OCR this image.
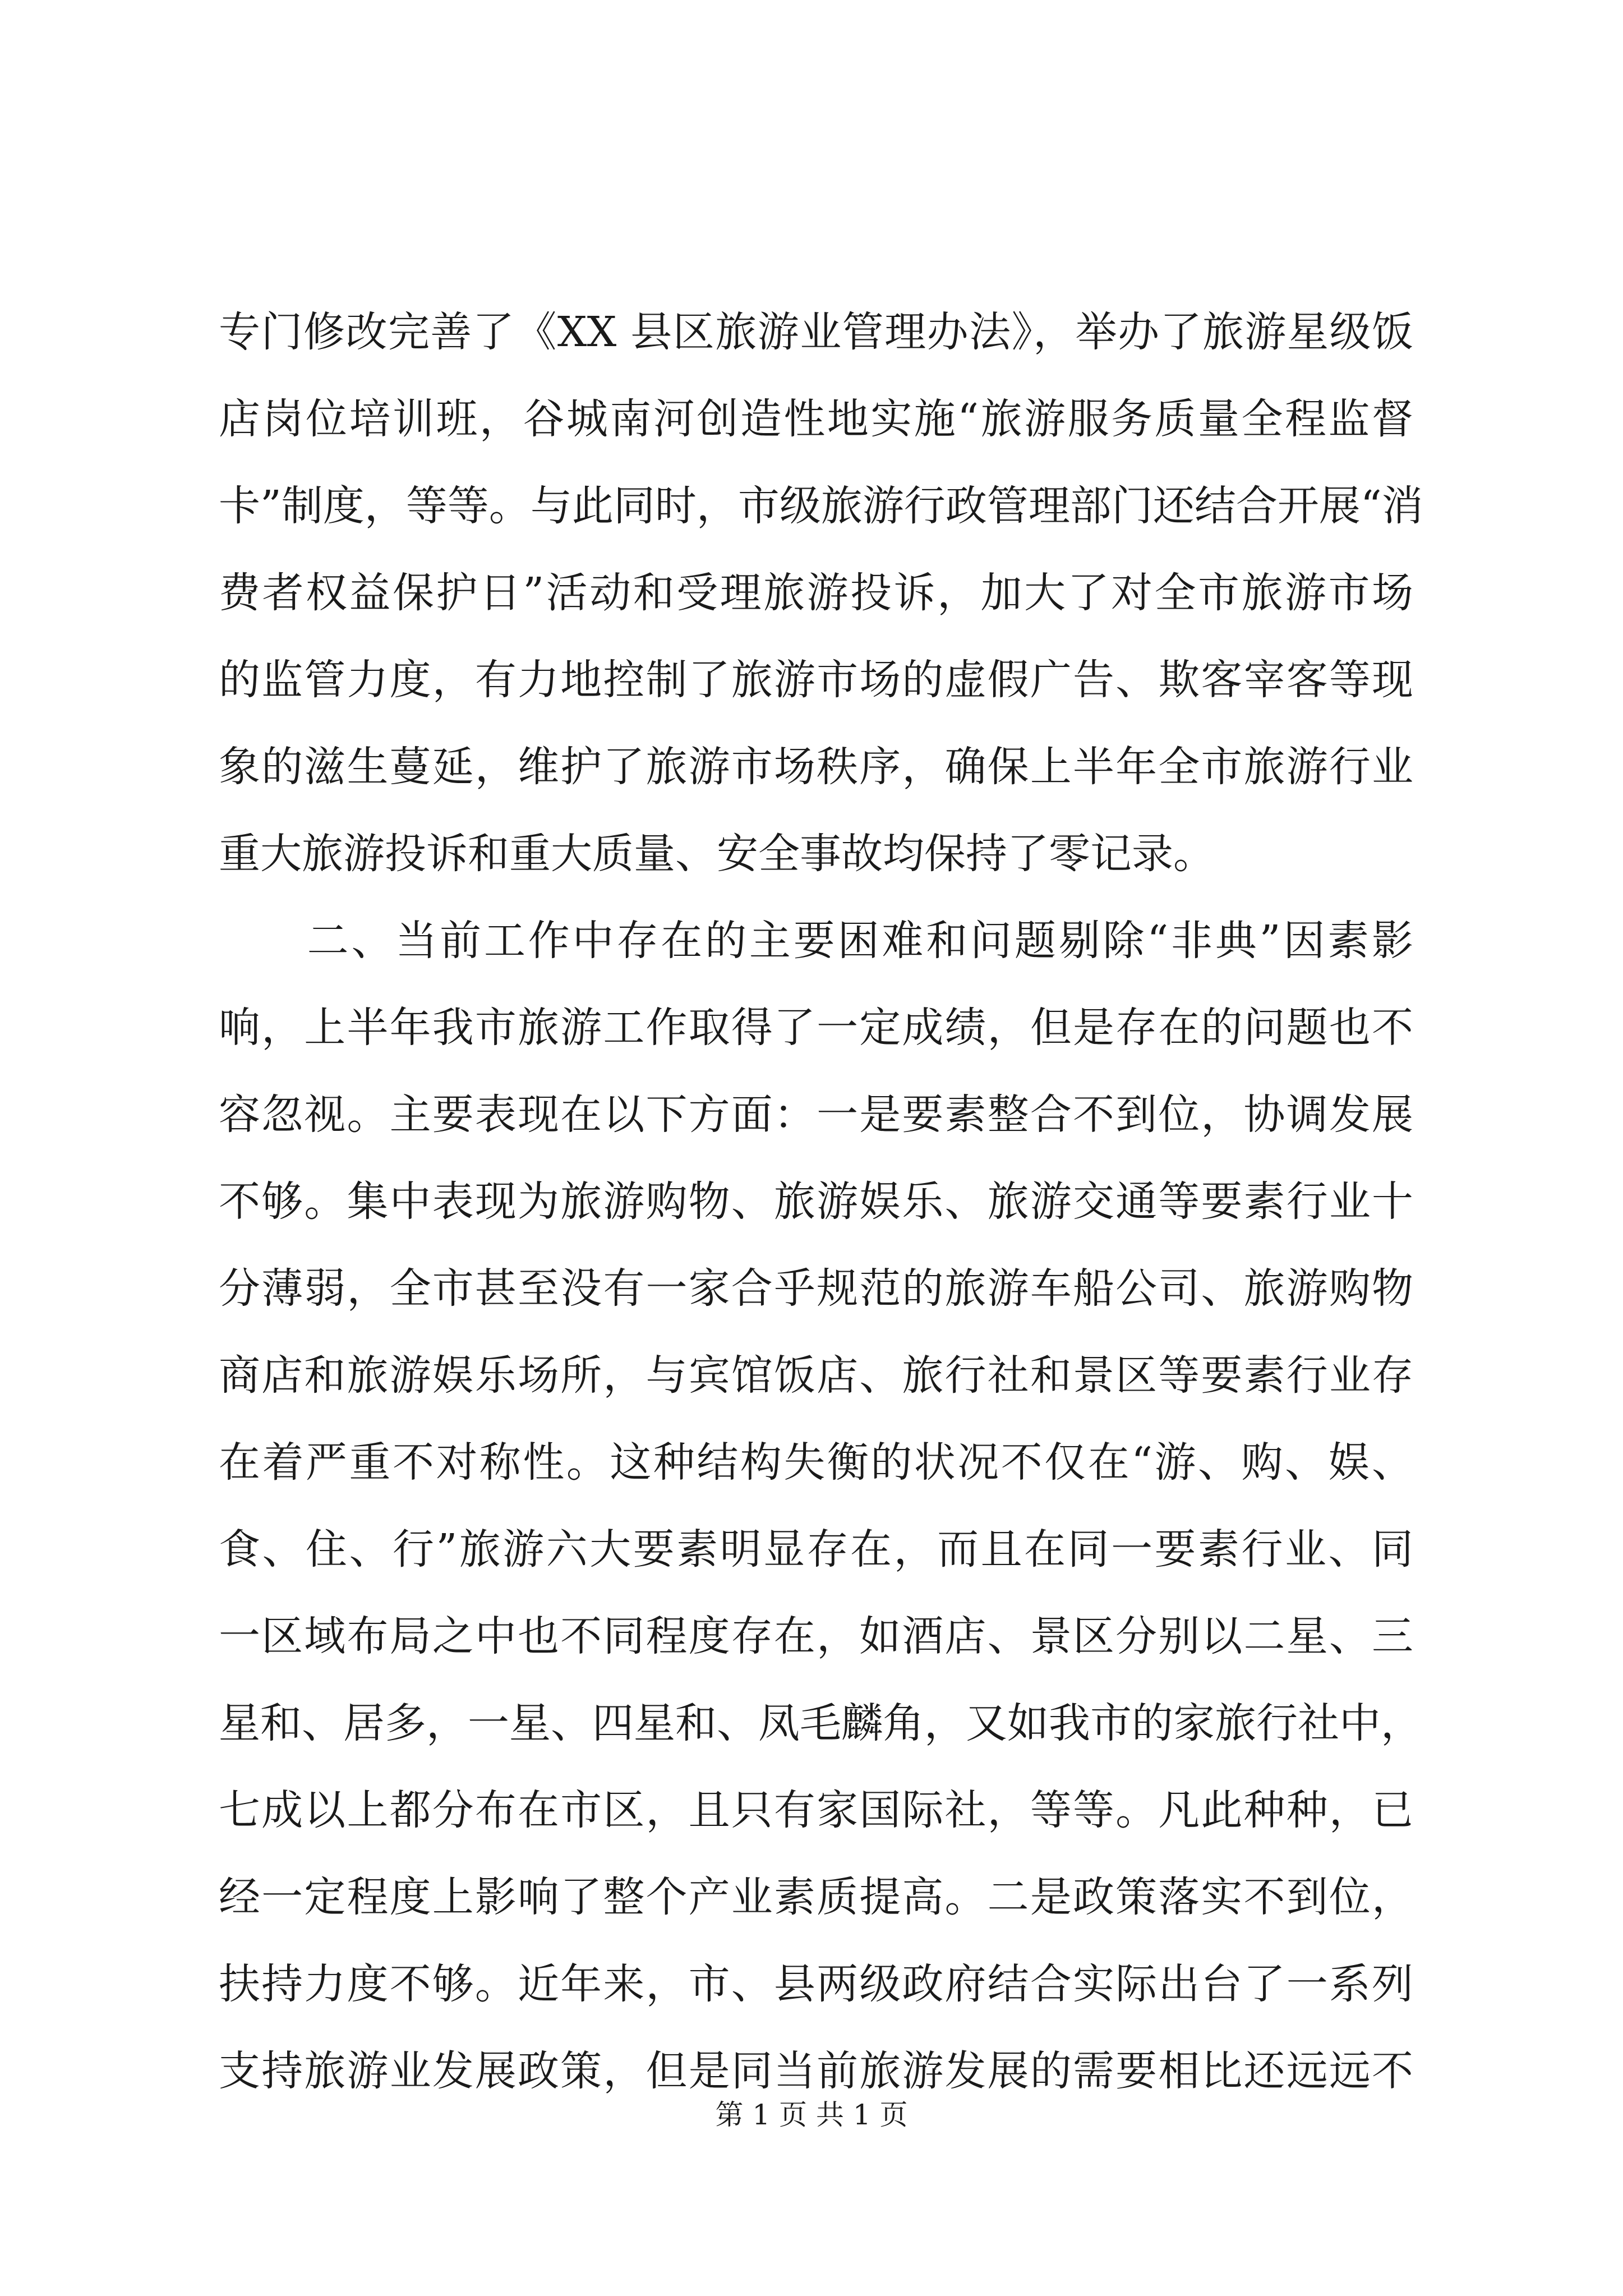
专门修改完善了《XX 县区旅游业管理办法》，举办了旅游星级饭
店岗位培训班，谷城南河创造性地实施“旅游服务质量全程监督
卡”制度，等等。与此同时，市级旅游行政管理部门还结合开展“消
费者权益保护日”活动和受理旅游投诉，加大了对全市旅游市场
的监管力度，有力地控制了旅游市场的虚假广告、欺客宰客等现
象的滋生蔓延，维护了旅游市场秩序，确保上半年全市旅游行业
重大旅游投诉和重大质量、安全事故均保持了零记录。
　　二、当前工作中存在的主要困难和问题剔除“非典”因素影
响，上半年我市旅游工作取得了一定成绩，但是存在的问题也不
容忽视。主要表现在以下方面：一是要素整合不到位，协调发展
不够。集中表现为旅游购物、旅游娱乐、旅游交通等要素行业十
分薄弱，全市甚至没有一家合乎规范的旅游车船公司、旅游购物
商店和旅游娱乐场所，与宾馆饭店、旅行社和景区等要素行业存
在着严重不对称性。这种结构失衡的状况不仅在“游、购、娱、
食、住、行”旅游六大要素明显存在，而且在同一要素行业、同
一区域布局之中也不同程度存在，如酒店、景区分别以二星、三
星和、居多，一星、四星和、凤毛麟角，又如我市的家旅行社中，
七成以上都分布在市区，且只有家国际社，等等。凡此种种，已
经一定程度上影响了整个产业素质提高。二是政策落实不到位，
扶持力度不够。近年来，市、县两级政府结合实际出台了一系列
支持旅游业发展政策，但是同当前旅游发展的需要相比还远远不
第 1 页 共 1 页
